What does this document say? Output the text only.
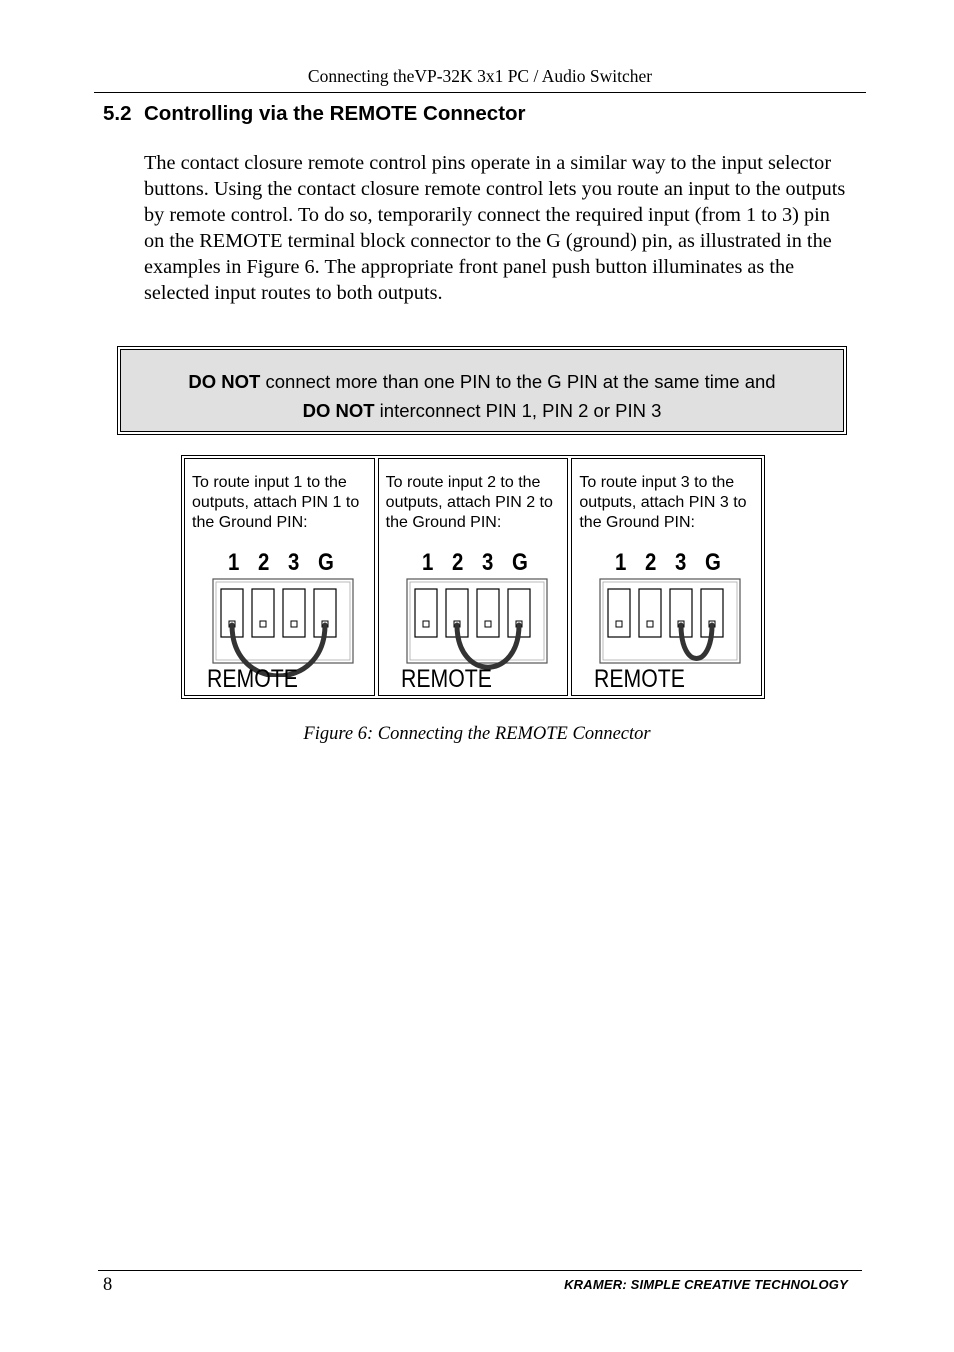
Connecting theVP-32K 3x1 PC / Audio Switcher
5.2 Controlling via the REMOTE Connector

The contact closure remote control pins operate in a similar way to the input selector buttons. Using the contact closure remote control lets you route an input to the outputs by remote control. To do so, temporarily connect the required input (from 1 to 3) pin on the REMOTE terminal block connector to the G (ground) pin, as illustrated in the examples in Figure 6. The appropriate front panel push button illuminates as the selected input routes to both outputs.

DO NOT connect more than one PIN to the G PIN at the same time and
DO NOT interconnect PIN 1, PIN 2 or PIN 3
To route input 1 to the outputs, attach PIN 1 to the Ground PIN:
1 2 3 G
REMOTE
To route input 2 to the outputs, attach PIN 2 to the Ground PIN:
1 2 3 G
REMOTE
To route input 3 to the outputs, attach PIN 3 to the Ground PIN:
1 2 3 G
REMOTE
Figure 6: Connecting the REMOTE Connector
8	KRAMER: SIMPLE CREATIVE TECHNOLOGY
